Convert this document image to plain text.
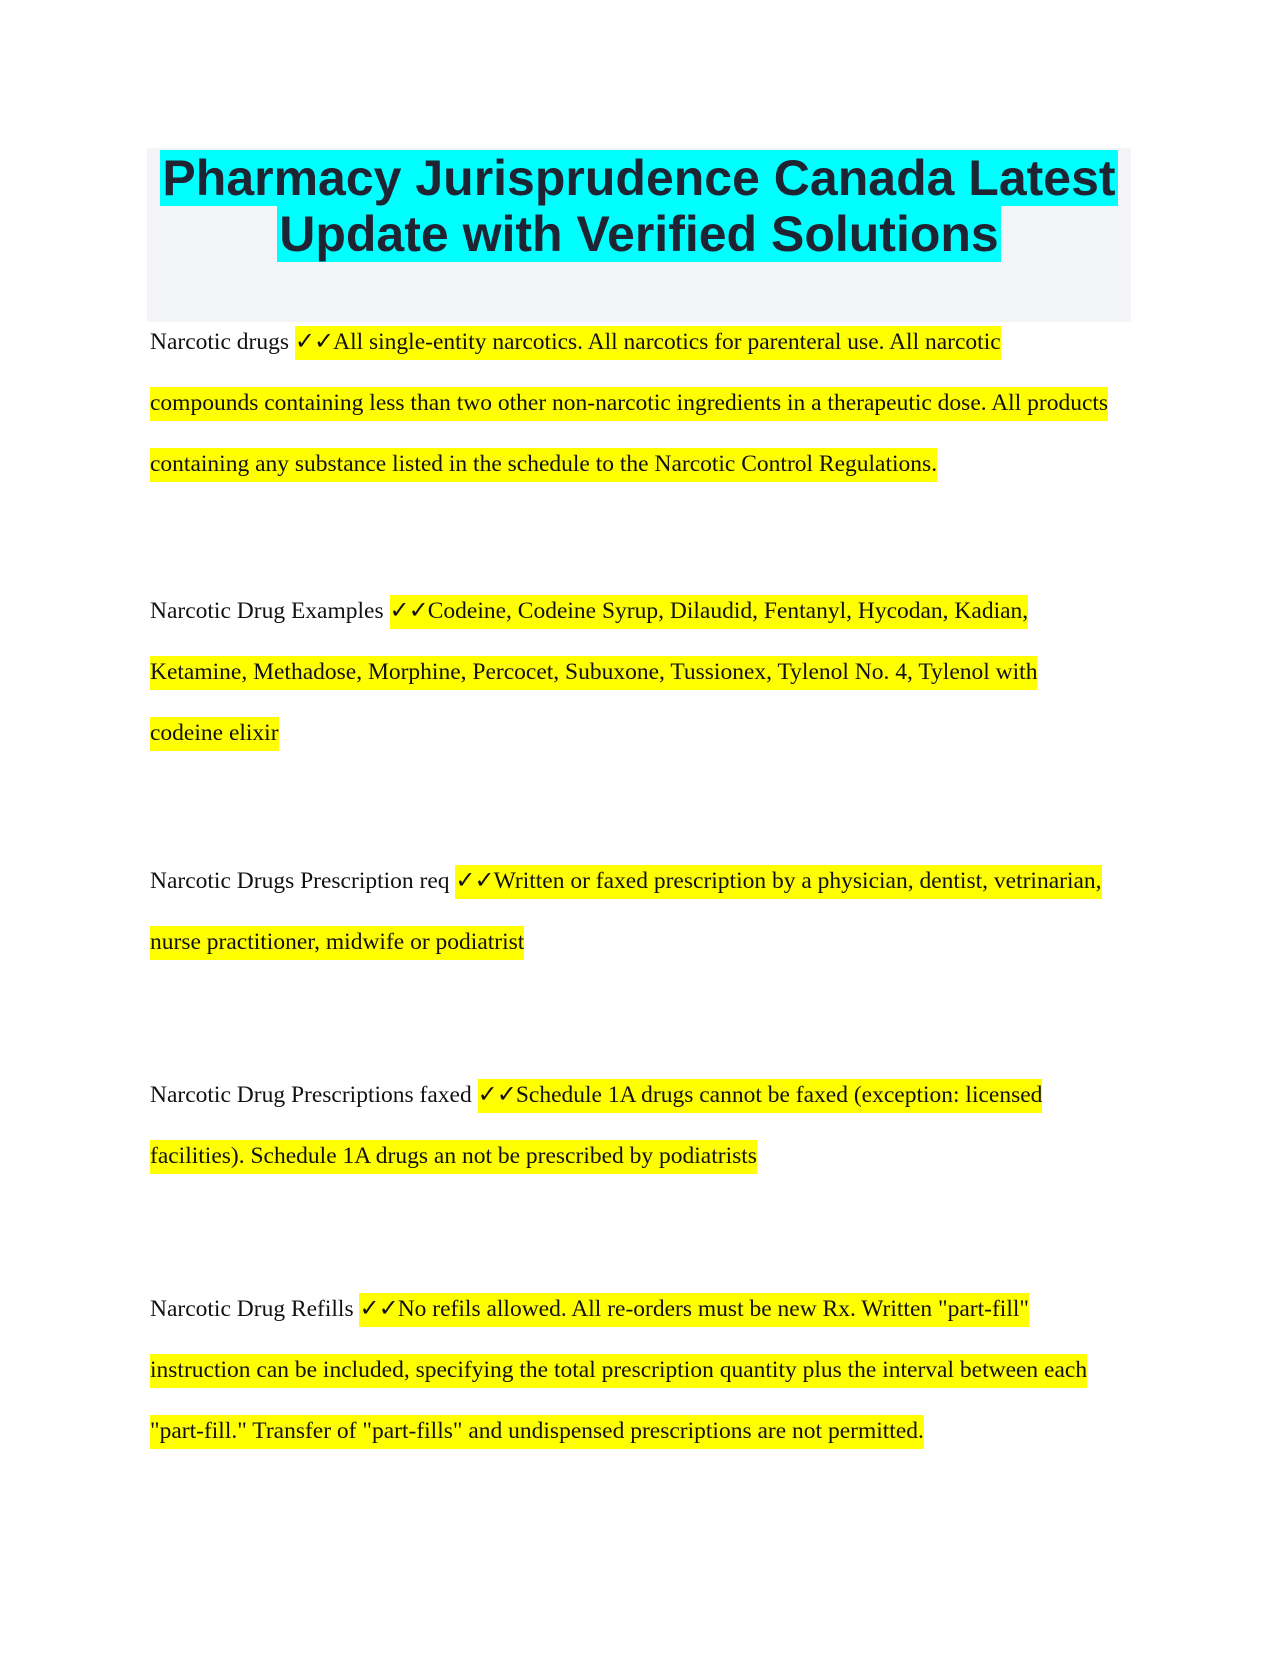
Pharmacy Jurisprudence Canada Latest
Update with Verified Solutions

Narcotic drugs ✓✓All single-entity narcotics. All narcotics for parenteral use. All narcotic compounds containing less than two other non-narcotic ingredients in a therapeutic dose. All products containing any substance listed in the schedule to the Narcotic Control Regulations.

Narcotic Drug Examples ✓✓Codeine, Codeine Syrup, Dilaudid, Fentanyl, Hycodan, Kadian, Ketamine, Methadose, Morphine, Percocet, Subuxone, Tussionex, Tylenol No. 4, Tylenol with codeine elixir

Narcotic Drugs Prescription req ✓✓Written or faxed prescription by a physician, dentist, vetrinarian, nurse practitioner, midwife or podiatrist

Narcotic Drug Prescriptions faxed ✓✓Schedule 1A drugs cannot be faxed (exception: licensed facilities). Schedule 1A drugs an not be prescribed by podiatrists

Narcotic Drug Refills ✓✓No refils allowed. All re-orders must be new Rx. Written "part-fill" instruction can be included, specifying the total prescription quantity plus the interval between each "part-fill." Transfer of "part-fills" and undispensed prescriptions are not permitted.
